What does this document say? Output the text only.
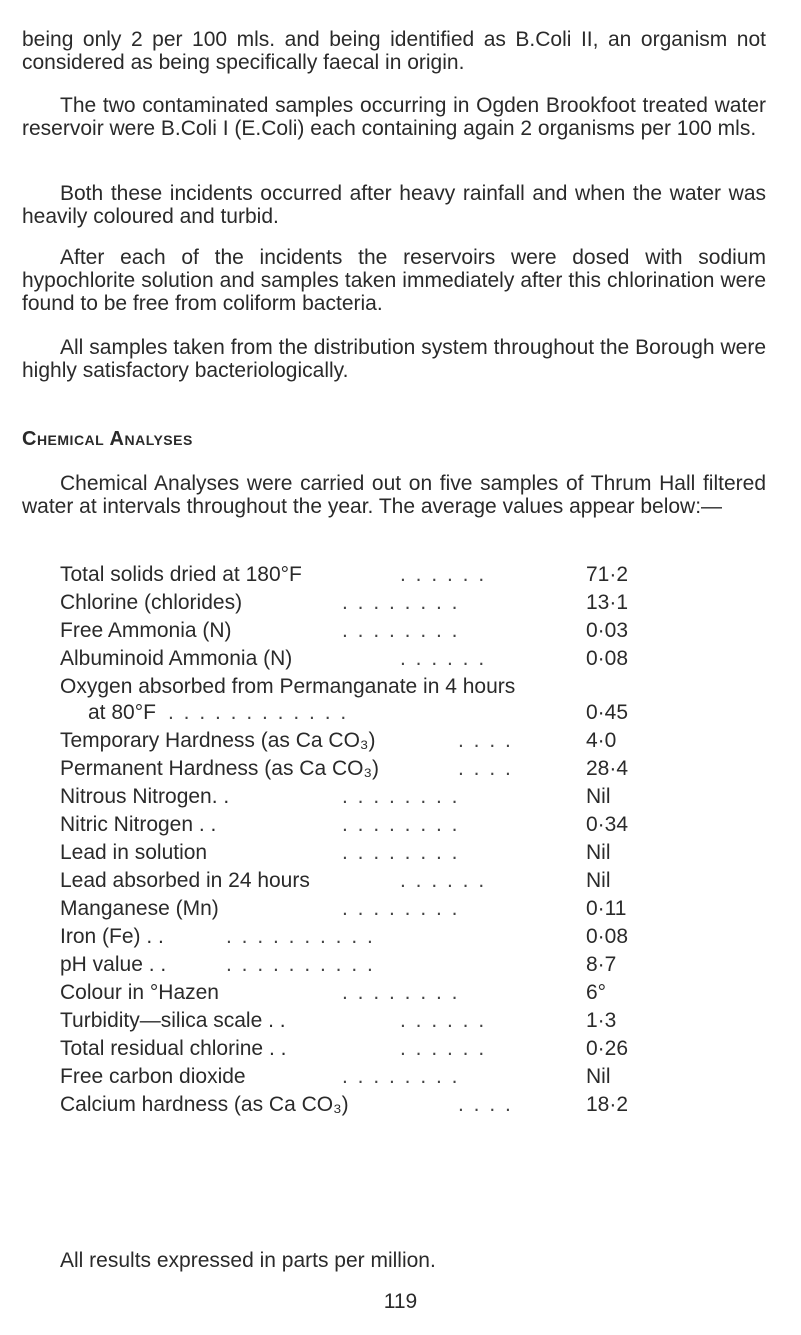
being only 2 per 100 mls. and being identified as B.Coli II, an organism not considered as being specifically faecal in origin.

The two contaminated samples occurring in Ogden Brookfoot treated water reservoir were B.Coli I (E.Coli) each containing again 2 organisms per 100 mls.

Both these incidents occurred after heavy rainfall and when the water was heavily coloured and turbid.

After each of the incidents the reservoirs were dosed with sodium hypochlorite solution and samples taken immediately after this chlorination were found to be free from coliform bacteria.

All samples taken from the distribution system throughout the Borough were highly satisfactory bacteriologically.

Chemical Analyses

Chemical Analyses were carried out on five samples of Thrum Hall filtered water at intervals throughout the year. The average values appear below:—

Total solids dried at 180°F	. . . . . .	71·2
Chlorine (chlorides)	. . . . . . . .	13·1
Free Ammonia (N)	. . . . . . . .	0·03
Albuminoid Ammonia (N)	. . . . . .	0·08
Oxygen absorbed from Permanganate in 4 hours
at 80°F . . . . . . . . . . . .	0·45
Temporary Hardness (as Ca CO₃)	. . . .	4·0
Permanent Hardness (as Ca CO₃)	. . . .	28·4
Nitrous Nitrogen. .	. . . . . . . .	Nil
Nitric Nitrogen . .	. . . . . . . .	0·34
Lead in solution	. . . . . . . .	Nil
Lead absorbed in 24 hours	. . . . . .	Nil
Manganese (Mn)	. . . . . . . .	0·11
Iron (Fe) . .	. . . . . . . . . .	0·08
pH value . .	. . . . . . . . . .	8·7
Colour in °Hazen	. . . . . . . .	6°
Turbidity—silica scale . .	. . . . . .	1·3
Total residual chlorine . .	. . . . . .	0·26
Free carbon dioxide	. . . . . . . .	Nil
Calcium hardness (as Ca CO₃)	. . . .	18·2

All results expressed in parts per million.

119
